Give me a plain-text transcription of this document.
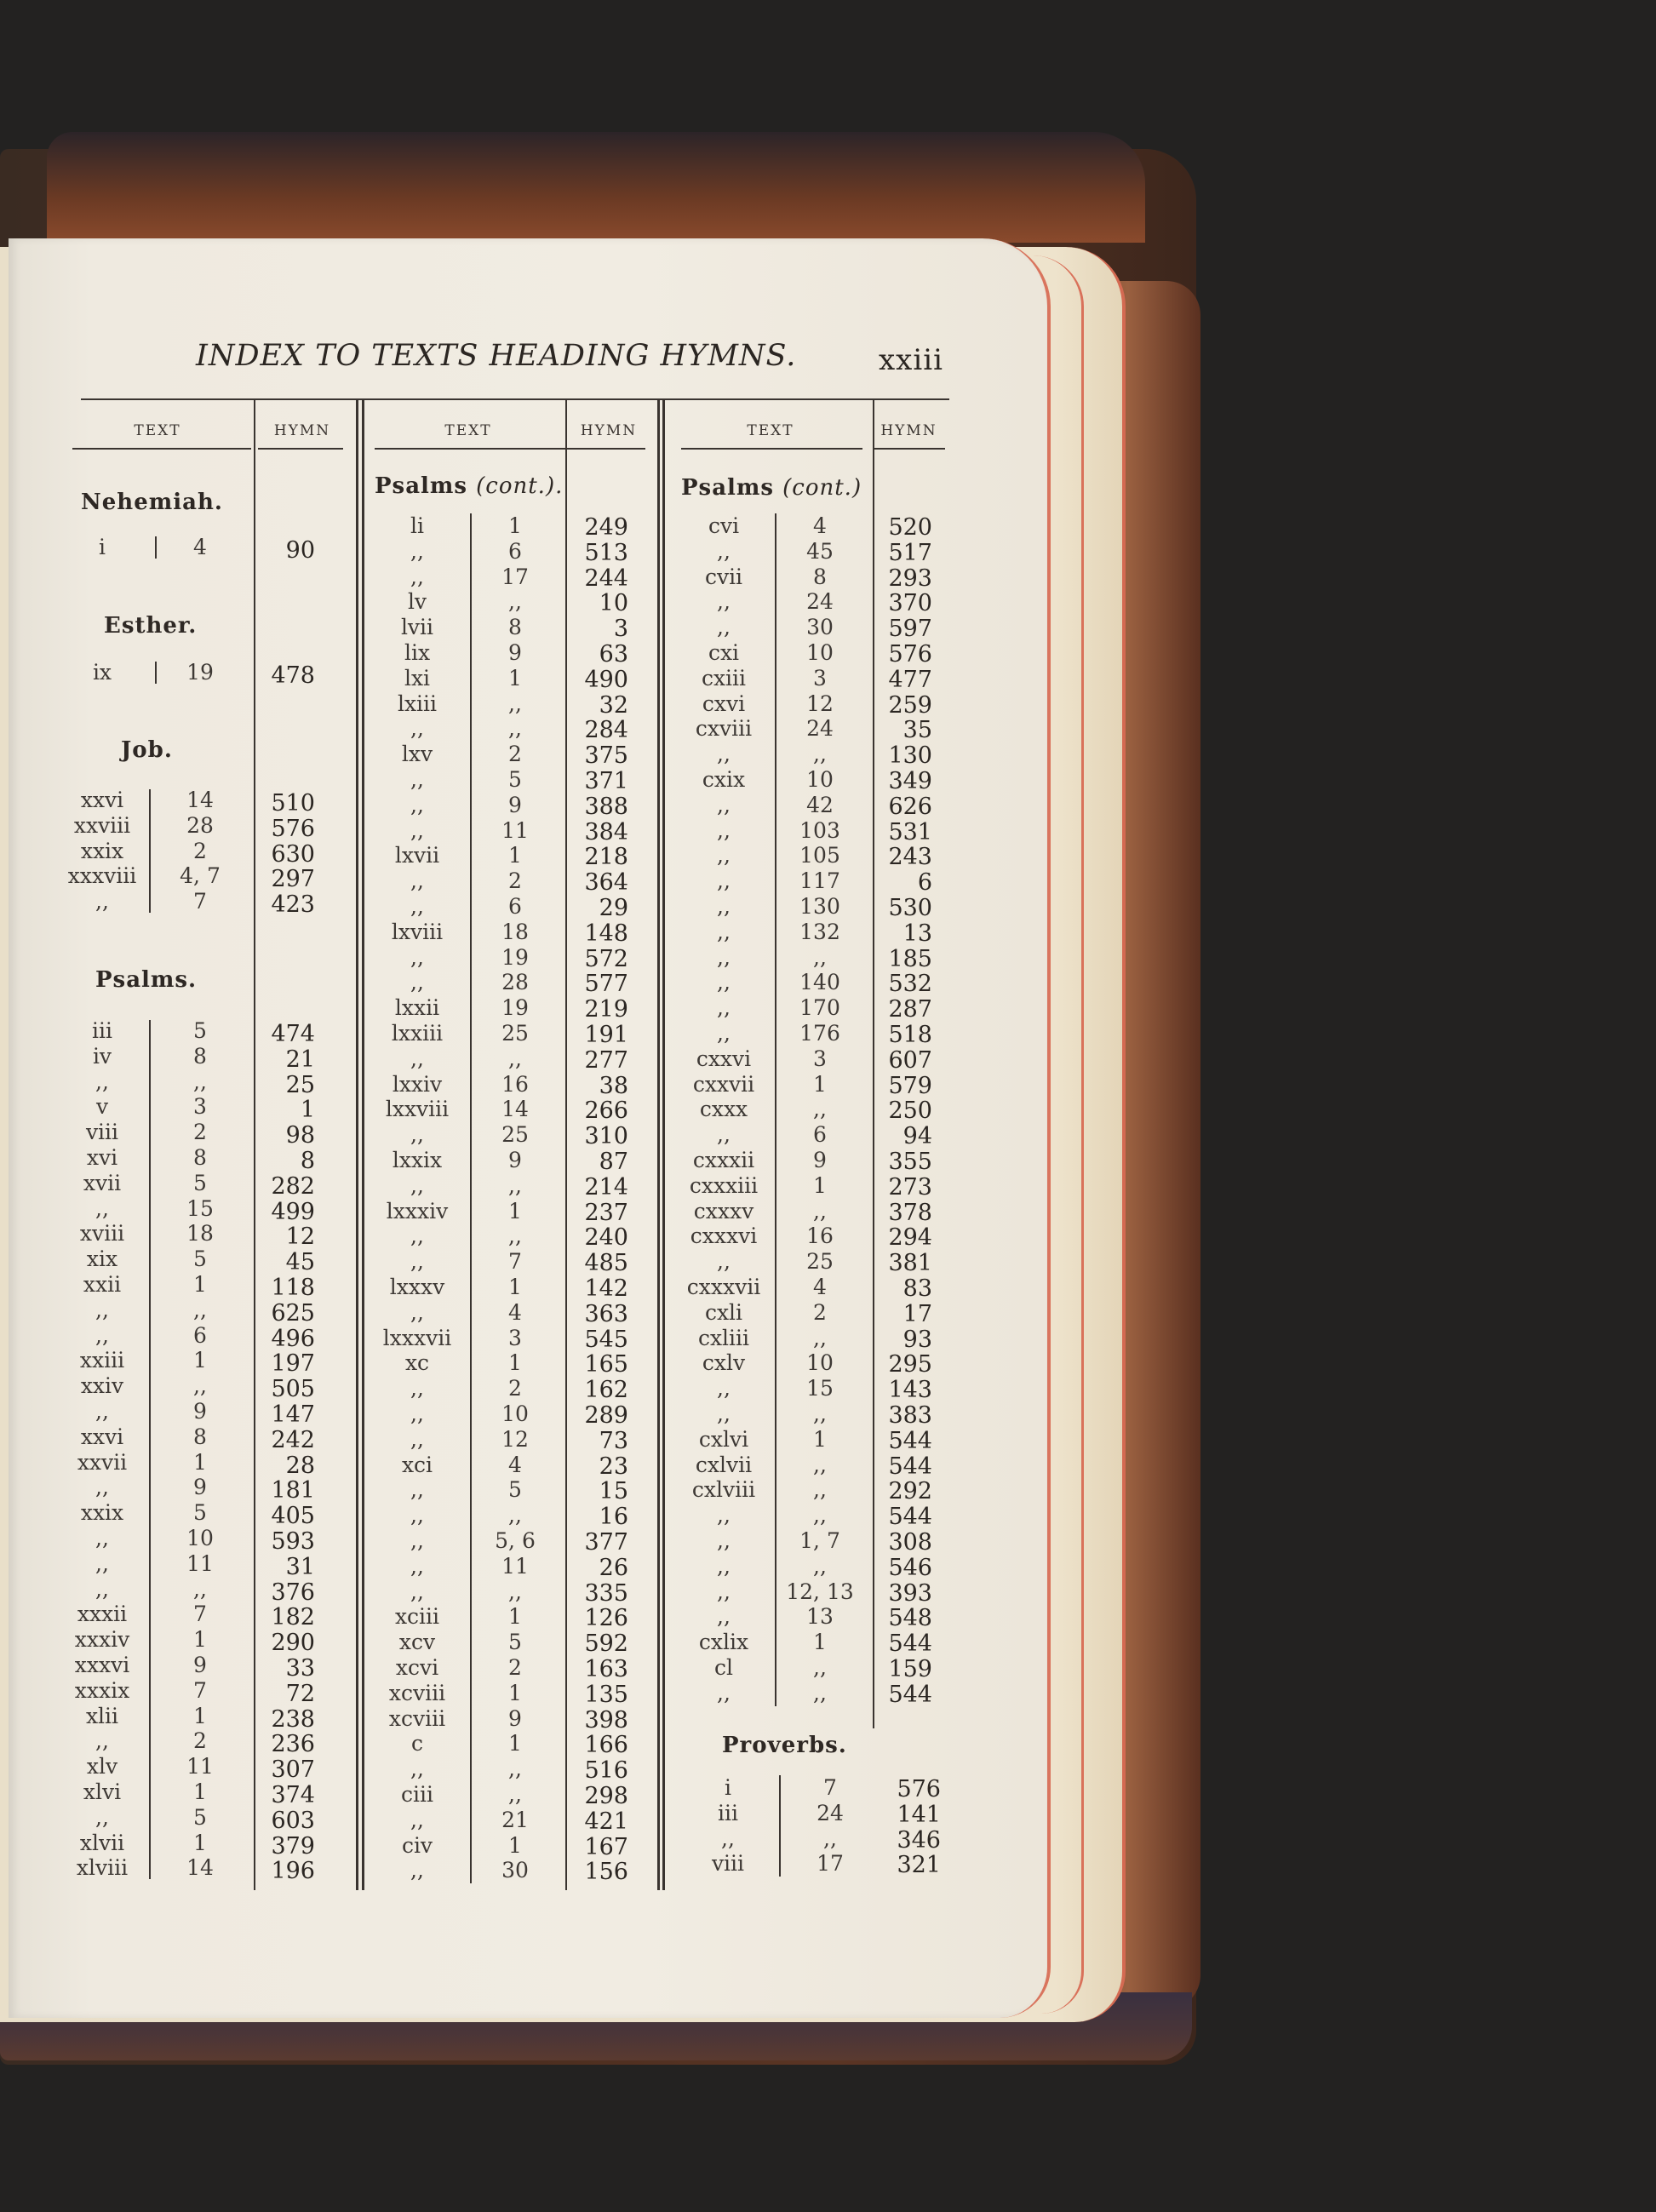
INDEX TO TEXTS HEADING HYMNS.	xxiii
TEXT	HYMN	TEXT	HYMN	TEXT	HYMN
Nehemiah.
i	4	90
Esther.
ix	19	478
Job.
xxvi	14	510
xxviii	28	576
xxix	2	630
xxxviii	4, 7	297
,,	7	423
Psalms.
iii	5	474
iv	8	21
,,	,,	25
v	3	1
viii	2	98
xvi	8	8
xvii	5	282
,,	15	499
xviii	18	12
xix	5	45
xxii	1	118
,,	,,	625
,,	6	496
xxiii	1	197
xxiv	,,	505
,,	9	147
xxvi	8	242
xxvii	1	28
,,	9	181
xxix	5	405
,,	10	593
,,	11	31
,,	,,	376
xxxii	7	182
xxxiv	1	290
xxxvi	9	33
xxxix	7	72
xlii	1	238
,,	2	236
xlv	11	307
xlvi	1	374
,,	5	603
xlvii	1	379
xlviii	14	196
Psalms (cont.).
li	1	249
,,	6	513
,,	17	244
lv	,,	10
lvii	8	3
lix	9	63
lxi	1	490
lxiii	,,	32
,,	,,	284
lxv	2	375
,,	5	371
,,	9	388
,,	11	384
lxvii	1	218
,,	2	364
,,	6	29
lxviii	18	148
,,	19	572
,,	28	577
lxxii	19	219
lxxiii	25	191
,,	,,	277
lxxiv	16	38
lxxviii	14	266
,,	25	310
lxxix	9	87
,,	,,	214
lxxxiv	1	237
,,	,,	240
,,	7	485
lxxxv	1	142
,,	4	363
lxxxvii	3	545
xc	1	165
,,	2	162
,,	10	289
,,	12	73
xci	4	23
,,	5	15
,,	,,	16
,,	5, 6	377
,,	11	26
,,	,,	335
xciii	1	126
xcv	5	592
xcvi	2	163
xcviii	1	135
xcviii	9	398
c	1	166
,,	,,	516
ciii	,,	298
,,	21	421
civ	1	167
,,	30	156
Psalms (cont.)
cvi	4	520
,,	45	517
cvii	8	293
,,	24	370
,,	30	597
cxi	10	576
cxiii	3	477
cxvi	12	259
cxviii	24	35
,,	,,	130
cxix	10	349
,,	42	626
,,	103	531
,,	105	243
,,	117	6
,,	130	530
,,	132	13
,,	,,	185
,,	140	532
,,	170	287
,,	176	518
cxxvi	3	607
cxxvii	1	579
cxxx	,,	250
,,	6	94
cxxxii	9	355
cxxxiii	1	273
cxxxv	,,	378
cxxxvi	16	294
,,	25	381
cxxxvii	4	83
cxli	2	17
cxliii	,,	93
cxlv	10	295
,,	15	143
,,	,,	383
cxlvi	1	544
cxlvii	,,	544
cxlviii	,,	292
,,	,,	544
,,	1, 7	308
,,	,,	546
,,	12, 13	393
,,	13	548
cxlix	1	544
cl	,,	159
,,	,,	544
Proverbs.
i	7	576
iii	24	141
,,	,,	346
viii	17	321
